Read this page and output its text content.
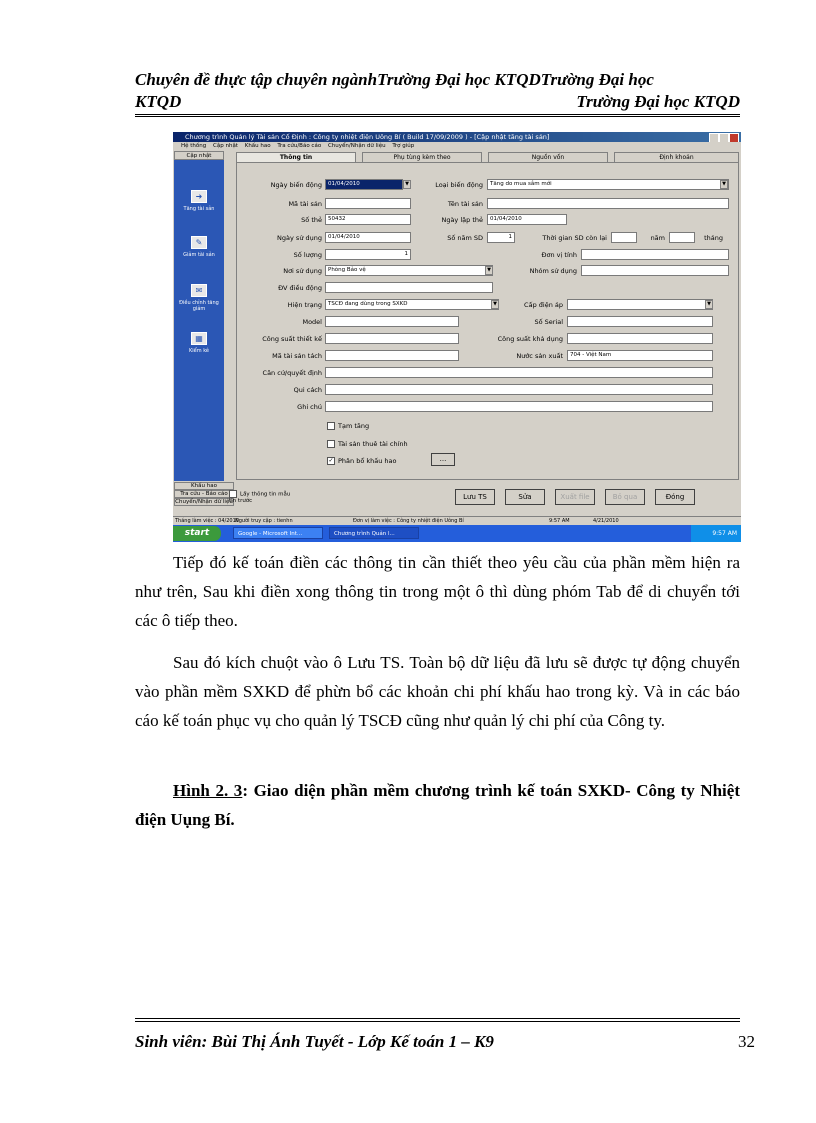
Chuyên đề thực tập chuyên ngànhTrường Đại học KTQDTrường Đại học
KTQD	Trường Đại học KTQD
Chương trình Quản lý Tài sản Cố Định : Công ty nhiệt điện Uông Bí ( Build 17/09/2009 ) - [Cập nhật tăng tài sản]
Hệ thống Cập nhật Khấu hao Tra cứu/Báo cáo Chuyển/Nhận dữ liệu Trợ giúp
Cập nhật
➜
Tăng tài sản
✎
Giảm tài sản
✉
Điều chỉnh tăng giảm
▦
Kiểm kê
Khấu hao
Tra cứu - Báo cáo
Chuyển/Nhận dữ liệu
Thông tin	Phụ tùng kèm theo	Nguồn vốn	Định khoản
Ngày biến động	01/04/2010	▼	Loại biến động	Tăng do mua sắm mới	▼
Mã tài sản	Tên tài sản
Số thẻ	50432	Ngày lập thẻ	01/04/2010
Ngày sử dụng	01/04/2010	Số năm SD	1	Thời gian SD còn lại	năm	tháng
Số lượng	1	Đơn vị tính
Nơi sử dụng	Phòng Bảo vệ	▼	Nhóm sử dụng
ĐV điều động
Hiện trạng	TSCĐ đang dùng trong SXKD	▼	Cấp điện áp	▼
Model	Số Serial
Công suất thiết kế	Công suất khả dụng
Mã tài sản tách	Nước sản xuất	704 - Việt Nam
Căn cứ/quyết định
Qui cách
Ghi chú
Tạm tăng
Tài sản thuê tài chính
✓ Phân bổ khấu hao	...
Lấy thông tin mẫu tin trước	Lưu TS	Sửa	Xuất file	Bỏ qua	Đóng
Tháng làm việc : 04/2010
Người truy cập : tienhn	Đơn vị làm việc : Công ty nhiệt điện Uông Bí	9:57 AM	4/21/2010
start	Google - Microsoft Int...	Chương trình Quản l...	9:57 AM
Tiếp đó kế toán điền các thông tin cần thiết theo yêu cầu của phần mềm hiện ra như trên, Sau khi điền xong thông tin trong một ô thì dùng phóm Tab để di chuyển tới các ô tiếp theo.
Sau đó kích chuột vào ô Lưu TS. Toàn bộ dữ liệu đã lưu sẽ được tự động chuyển vào phần mềm SXKD để phừn bổ các khoản chi phí khấu hao trong kỳ. Và in các báo cáo kế toán phục vụ cho quản lý TSCĐ cũng như quản lý chi phí của Công ty.
Hình 2. 3: Giao diện phần mềm chương trình kế toán SXKD- Công ty Nhiệt điện Uụng Bí.
Sinh viên: Bùi Thị Ánh Tuyết - Lớp Kế toán 1 – K9	32
